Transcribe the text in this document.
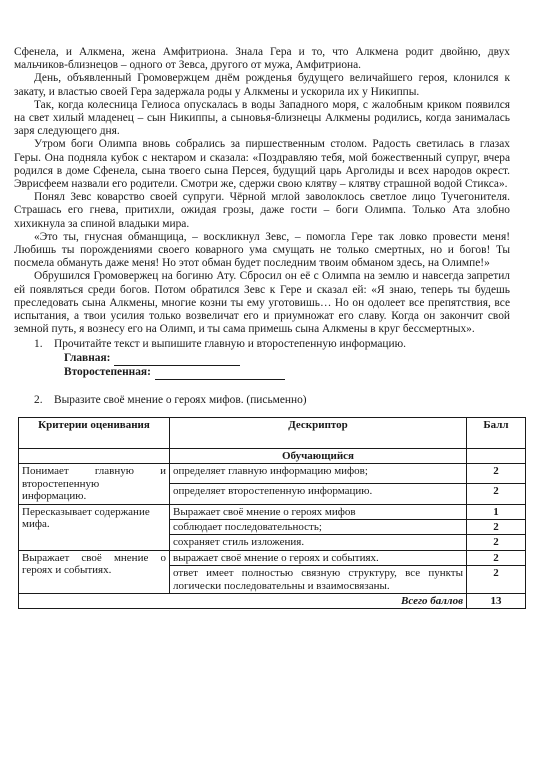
Сфенела, и Алкмена, жена Амфитриона. Знала Гера и то, что Алкмена родит двойню, двух мальчиков-близнецов – одного от Зевса, другого от мужа, Амфитриона.

День, объявленный Громовержцем днём рожденья будущего величайшего героя, клонился к закату, и властью своей Гера задержала роды у Алкмены и ускорила их у Никиппы.

Так, когда колесница Гелиоса опускалась в воды Западного моря, с жалобным криком появился на свет хилый младенец – сын Никиппы, а сыновья-близнецы Алкмены родились, когда занималась заря следующего дня.

Утром боги Олимпа вновь собрались за пиршественным столом. Радость светилась в глазах Геры. Она подняла кубок с нектаром и сказала: «Поздравляю тебя, мой божественный супруг, вчера родился в доме Сфенела, сына твоего сына Персея, будущий царь Арголиды и всех народов окрест. Эврисфеем назвали его родители. Смотри же, сдержи свою клятву – клятву страшной водой Стикса».

Понял Зевс коварство своей супруги. Чёрной мглой заволоклось светлое лицо Тучегонителя. Страшась его гнева, притихли, ожидая грозы, даже гости – боги Олимпа. Только Ата злобно хихикнула за спиной владыки мира.

«Это ты, гнусная обманщица, – воскликнул Зевс, – помогла Гере так ловко провести меня! Любишь ты порождениями своего коварного ума смущать не только смертных, но и богов! Ты посмела обмануть даже меня! Но этот обман будет последним твоим обманом здесь, на Олимпе!»

Обрушился Громовержец на богиню Ату. Сбросил он её с Олимпа на землю и навсегда запретил ей появляться среди богов. Потом обратился Зевс к Гере и сказал ей: «Я знаю, теперь ты будешь преследовать сына Алкмены, многие козни ты ему уготовишь… Но он одолеет все препятствия, все испытания, а твои усилия только возвеличат его и приумножат его славу. Когда он закончит свой земной путь, я вознесу его на Олимп, и ты сама примешь сына Алкмены в круг бессмертных».

1.	Прочитайте текст и выпишите главную и второстепенную информацию.
Главная:
Второстепенная:
2.	Выразите своё мнение о героях мифов. (письменно)
Критерии оценивания	Дескриптор	Балл
	Обучающийся	
Понимает главную и второстепенную информацию.	определяет главную информацию мифов;	2
	определяет второстепенную информацию.	2
Пересказывает содержание мифа.	Выражает своё мнение о героях мифов	1
	соблюдает последовательность;	2
	сохраняет стиль изложения.	2
Выражает своё мнение о героях и событиях.	выражает своё мнение о героях и событиях.	2
	ответ имеет полностью связную структуру, все пункты логически последовательны и взаимосвязаны.	2
Всего баллов		13
